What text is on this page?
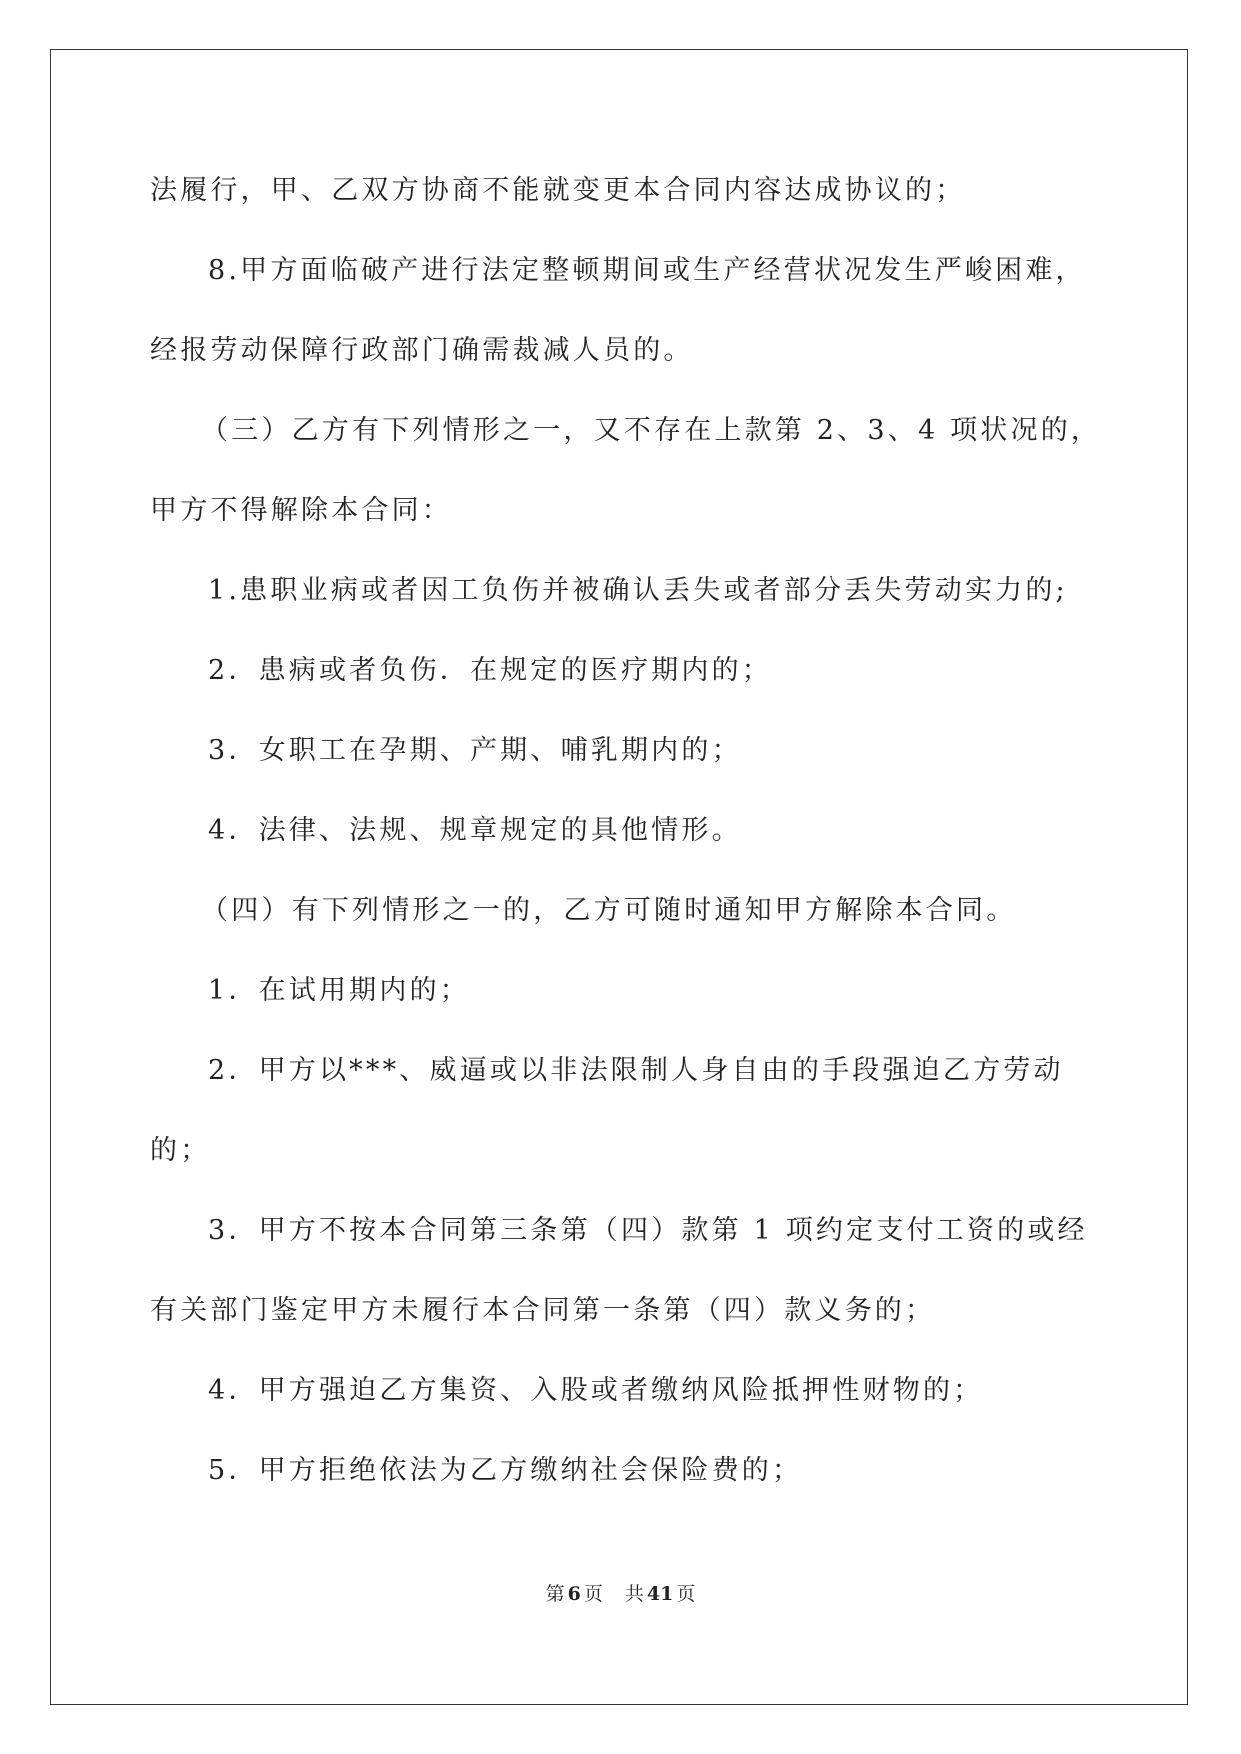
法履行，甲、乙双方协商不能就变更本合同内容达成协议的；
8.甲方面临破产进行法定整顿期间或生产经营状况发生严峻困难，
经报劳动保障行政部门确需裁减人员的。
（三）乙方有下列情形之一，又不存在上款第 2、3、4 项状况的，
甲方不得解除本合同：
1.患职业病或者因工负伤并被确认丢失或者部分丢失劳动实力的;
2．患病或者负伤．在规定的医疗期内的；
3．女职工在孕期、产期、哺乳期内的；
4．法律、法规、规章规定的具他情形。
（四）有下列情形之一的，乙方可随时通知甲方解除本合同。
1．在试用期内的；
2．甲方以***、威逼或以非法限制人身自由的手段强迫乙方劳动
的；
3．甲方不按本合同第三条第（四）款第 1 项约定支付工资的或经
有关部门鉴定甲方未履行本合同第一条第（四）款义务的；
4．甲方强迫乙方集资、入股或者缴纳风险抵押性财物的；
5．甲方拒绝依法为乙方缴纳社会保险费的；
第 6 页 共 41 页
